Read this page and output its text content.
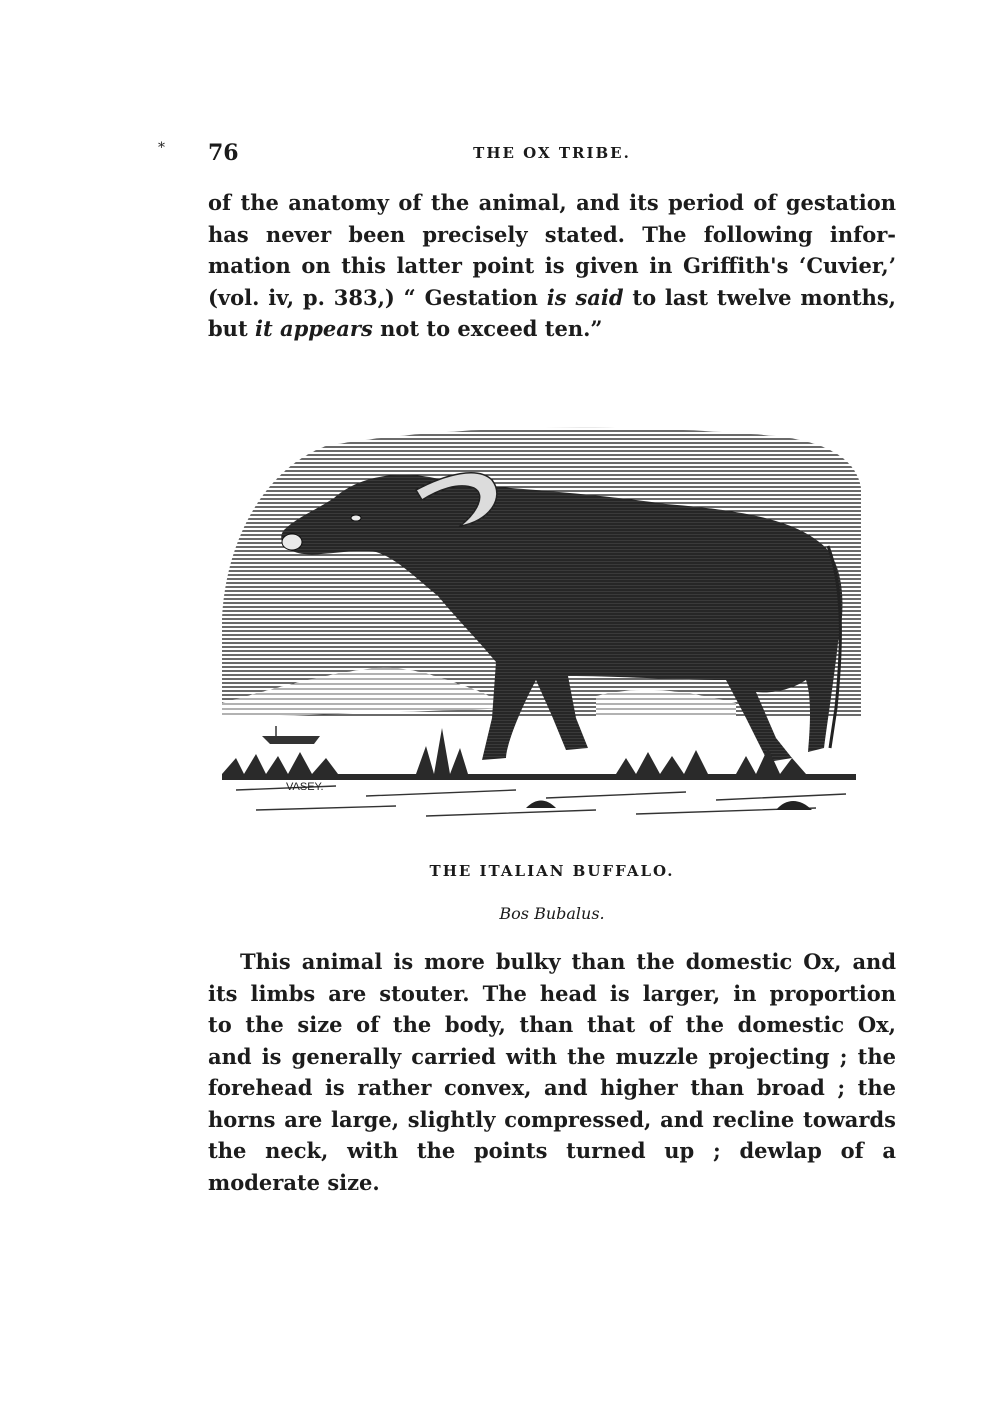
* 76	THE OX TRIBE.
of the anatomy of the animal, and its period of gestation
has never been precisely stated. The following infor-
mation on this latter point is given in Griffith's ‘Cuvier,’
(vol. iv, p. 383,) “ Gestation is said to last twelve months,
but it appears not to exceed ten.”
VASEY.
THE ITALIAN BUFFALO.
Bos Bubalus.
This animal is more bulky than the domestic Ox, and
its limbs are stouter. The head is larger, in proportion
to the size of the body, than that of the domestic Ox,
and is generally carried with the muzzle projecting ; the
forehead is rather convex, and higher than broad ; the
horns are large, slightly compressed, and recline towards
the neck, with the points turned up ; dewlap of a
moderate size.
